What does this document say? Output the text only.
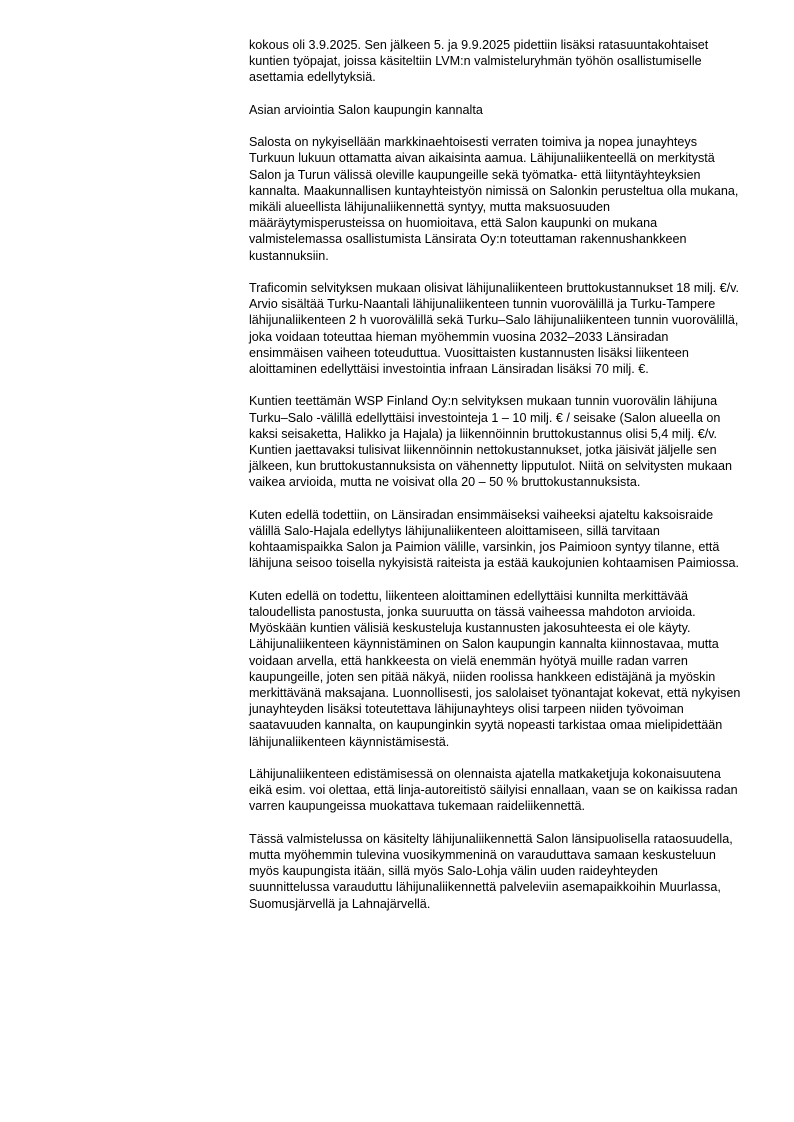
kokous oli 3.9.2025. Sen jälkeen 5. ja 9.9.2025 pidettiin lisäksi ratasuuntakohtaiset kuntien työpajat, joissa käsiteltiin LVM:n valmisteluryhmän työhön osallistumiselle asettamia edellytyksiä.

Asian arviointia Salon kaupungin kannalta

Salosta on nykyisellään markkinaehtoisesti verraten toimiva ja nopea junayhteys Turkuun lukuun ottamatta aivan aikaisinta aamua. Lähijunaliikenteellä on merkitystä Salon ja Turun välissä oleville kaupungeille sekä työmatka- että liityntäyhteyksien kannalta. Maakunnallisen kuntayhteistyön nimissä on Salonkin perusteltua olla mukana, mikäli alueellista lähijunaliikennettä syntyy, mutta maksuosuuden määräytymisperusteissa on huomioitava, että Salon kaupunki on mukana valmistelemassa osallistumista Länsirata Oy:n toteuttaman rakennushankkeen kustannuksiin.

Traficomin selvityksen mukaan olisivat lähijunaliikenteen bruttokustannukset 18 milj. €/v. Arvio sisältää Turku-Naantali lähijunaliikenteen tunnin vuorovälillä ja Turku-Tampere lähijunaliikenteen 2 h vuorovälillä sekä Turku–Salo lähijunaliikenteen tunnin vuorovälillä, joka voidaan toteuttaa hieman myöhemmin vuosina 2032–2033 Länsiradan ensimmäisen vaiheen toteuduttua. Vuosittaisten kustannusten lisäksi liikenteen aloittaminen edellyttäisi investointia infraan Länsiradan lisäksi 70 milj. €.

Kuntien teettämän WSP Finland Oy:n selvityksen mukaan tunnin vuorovälin lähijuna Turku–Salo -välillä edellyttäisi investointeja 1 – 10 milj. € / seisake (Salon alueella on kaksi seisaketta, Halikko ja Hajala) ja liikennöinnin bruttokustannus olisi 5,4 milj. €/v. Kuntien jaettavaksi tulisivat liikennöinnin nettokustannukset, jotka jäisivät jäljelle sen jälkeen, kun bruttokustannuksista on vähennetty lipputulot. Niitä on selvitysten mukaan vaikea arvioida, mutta ne voisivat olla 20 – 50 % bruttokustannuksista.

Kuten edellä todettiin, on Länsiradan ensimmäiseksi vaiheeksi ajateltu kaksoisraide välillä Salo-Hajala edellytys lähijunaliikenteen aloittamiseen, sillä tarvitaan kohtaamispaikka Salon ja Paimion välille, varsinkin, jos Paimioon syntyy tilanne, että lähijuna seisoo toisella nykyisistä raiteista ja estää kaukojunien kohtaamisen Paimiossa.

Kuten edellä on todettu, liikenteen aloittaminen edellyttäisi kunnilta merkittävää taloudellista panostusta, jonka suuruutta on tässä vaiheessa mahdoton arvioida. Myöskään kuntien välisiä keskusteluja kustannusten jakosuhteesta ei ole käyty. Lähijunaliikenteen käynnistäminen on Salon kaupungin kannalta kiinnostavaa, mutta voidaan arvella, että hankkeesta on vielä enemmän hyötyä muille radan varren kaupungeille, joten sen pitää näkyä, niiden roolissa hankkeen edistäjänä ja myöskin merkittävänä maksajana. Luonnollisesti, jos salolaiset työnantajat kokevat, että nykyisen junayhteyden lisäksi toteutettava lähijunayhteys olisi tarpeen niiden työvoiman saatavuuden kannalta, on kaupunginkin syytä nopeasti tarkistaa omaa mielipidettään lähijunaliikenteen käynnistämisestä.

Lähijunaliikenteen edistämisessä on olennaista ajatella matkaketjuja kokonaisuutena eikä esim. voi olettaa, että linja-autoreitistö säilyisi ennallaan, vaan se on kaikissa radan varren kaupungeissa muokattava tukemaan raideliikennettä.

Tässä valmistelussa on käsitelty lähijunaliikennettä Salon länsipuolisella rataosuudella, mutta myöhemmin tulevina vuosikymmeninä on varauduttava samaan keskusteluun myös kaupungista itään, sillä myös Salo-Lohja välin uuden raideyhteyden suunnittelussa varauduttu lähijunaliikennettä palveleviin asemapaikkoihin Muurlassa, Suomusjärvellä ja Lahnajärvellä.
